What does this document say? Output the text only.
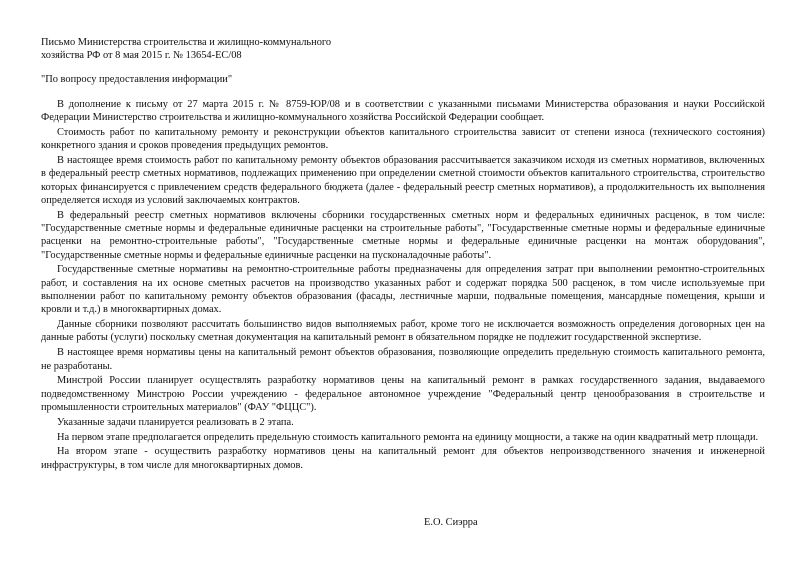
Письмо Министерства строительства и жилищно-коммунального

хозяйства РФ от 8 мая 2015 г. № 13654-ЕС/08

"По вопросу предоставления информации"

В дополнение к письму от 27 марта 2015 г. № 8759-ЮР/08 и в соответствии с указанными письмами Министерства образования и науки Российской Федерации Министерство строительства и жилищно-коммунального хозяйства Российской Федерации сообщает.

Стоимость работ по капитальному ремонту и реконструкции объектов капитального строительства зависит от степени износа (технического состояния) конкретного здания и сроков проведения предыдущих ремонтов.

В настоящее время стоимость работ по капитальному ремонту объектов образования рассчитывается заказчиком исходя из сметных нормативов, включенных в федеральный реестр сметных нормативов, подлежащих применению при определении сметной стоимости объектов капитального строительства, строительство которых финансируется с привлечением средств федерального бюджета (далее - федеральный реестр сметных нормативов), а продолжительность их выполнения определяется исходя из условий заключаемых контрактов.

В федеральный реестр сметных нормативов включены сборники государственных сметных норм и федеральных единичных расценок, в том числе: "Государственные сметные нормы и федеральные единичные расценки на строительные работы", "Государственные сметные нормы и федеральные единичные расценки на ремонтно-строительные работы", "Государственные сметные нормы и федеральные единичные расценки на монтаж оборудования", "Государственные сметные нормы и федеральные единичные расценки на пусконаладочные работы".

Государственные сметные нормативы на ремонтно-строительные работы предназначены для определения затрат при выполнении ремонтно-строительных работ, и составления на их основе сметных расчетов на производство указанных работ и содержат порядка 500 расценок, в том числе используемые при выполнении работ по капитальному ремонту объектов образования (фасады, лестничные марши, подвальные помещения, мансардные помещения, крыши и кровли и т.д.) в многоквартирных домах.

Данные сборники позволяют рассчитать большинство видов выполняемых работ, кроме того не исключается возможность определения договорных цен на данные работы (услуги) поскольку сметная документация на капитальный ремонт в обязательном порядке не подлежит государственной экспертизе.

В настоящее время нормативы цены на капитальный ремонт объектов образования, позволяющие определить предельную стоимость капитального ремонта, не разработаны.

Минстрой России планирует осуществлять разработку нормативов цены на капитальный ремонт в рамках государственного задания, выдаваемого подведомственному Минстрою России учреждению - федеральное автономное учреждение "Федеральный центр ценообразования в строительстве и промышленности строительных материалов" (ФАУ "ФЦЦС").

Указанные задачи планируется реализовать в 2 этапа.

На первом этапе предполагается определить предельную стоимость капитального ремонта на единицу мощности, а также на один квадратный метр площади.

На втором этапе - осуществить разработку нормативов цены на капитальный ремонт для объектов непроизводственного значения и инженерной инфраструктуры, в том числе для многоквартирных домов.

Е.О. Сиэрра
